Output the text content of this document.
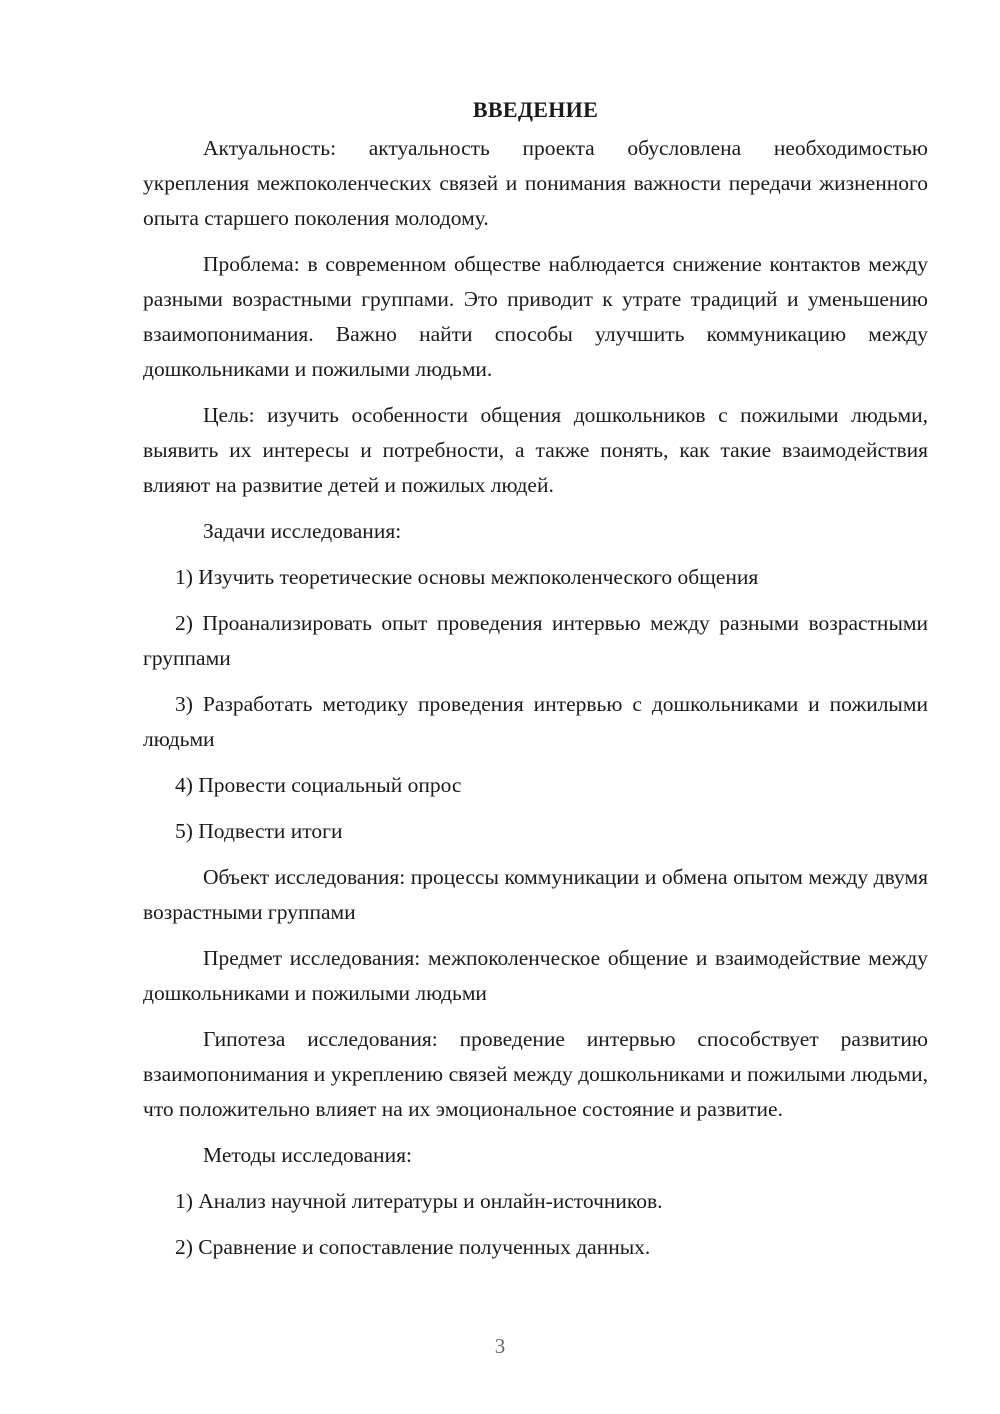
ВВЕДЕНИЕ

Актуальность: актуальность проекта обусловлена необходимостью укрепления межпоколенческих связей и понимания важности передачи жизненного опыта старшего поколения молодому.

Проблема: в современном обществе наблюдается снижение контактов между разными возрастными группами. Это приводит к утрате традиций и уменьшению взаимопонимания. Важно найти способы улучшить коммуникацию между дошкольниками и пожилыми людьми.

Цель: изучить особенности общения дошкольников с пожилыми людьми, выявить их интересы и потребности, а также понять, как такие взаимодействия влияют на развитие детей и пожилых людей.

Задачи исследования:

1) Изучить теоретические основы межпоколенческого общения

2) Проанализировать опыт проведения интервью между разными возрастными группами

3) Разработать методику проведения интервью с дошкольниками и пожилыми людьми

4) Провести социальный опрос

5) Подвести итоги

Объект исследования: процессы коммуникации и обмена опытом между двумя возрастными группами

Предмет исследования: межпоколенческое общение и взаимодействие между дошкольниками и пожилыми людьми

Гипотеза исследования: проведение интервью способствует развитию взаимопонимания и укреплению связей между дошкольниками и пожилыми людьми, что положительно влияет на их эмоциональное состояние и развитие.

Методы исследования:

1) Анализ научной литературы и онлайн-источников.

2) Сравнение и сопоставление полученных данных.

3
